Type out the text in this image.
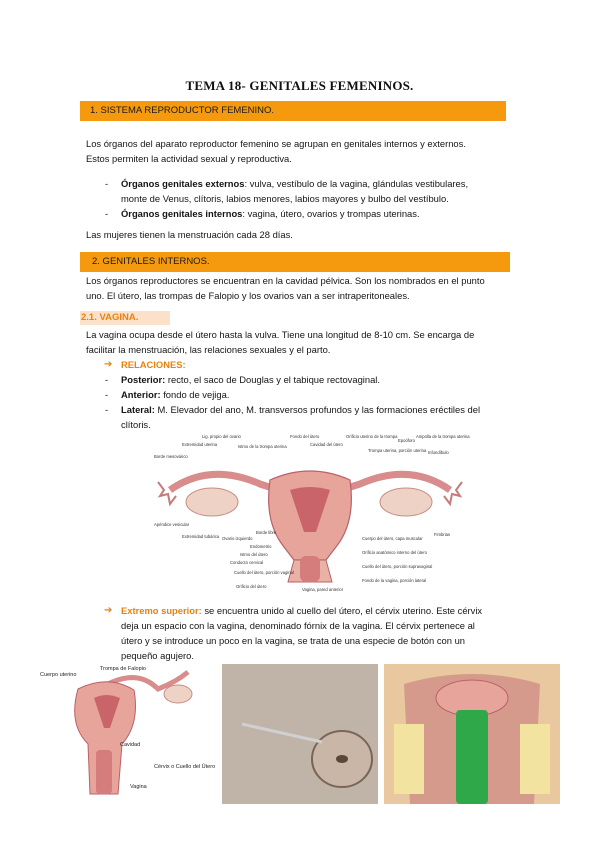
TEMA 18- GENITALES FEMENINOS.
1. SISTEMA REPRODUCTOR FEMENINO.
Los órganos del aparato reproductor femenino se agrupan en genitales internos y externos.
Estos permiten la actividad sexual y reproductiva.
- Órganos genitales externos: vulva, vestíbulo de la vagina, glándulas vestibulares,
monte de Venus, clítoris, labios menores, labios mayores y bulbo del vestíbulo.
- Órganos genitales internos: vagina, útero, ovarios y trompas uterinas.
Las mujeres tienen la menstruación cada 28 días.
2. GENITALES INTERNOS.
Los órganos reproductores se encuentran en la cavidad pélvica. Son los nombrados en el punto
uno. El útero, las trompas de Falopio y los ovarios van a ser intraperitoneales.
2.1. VAGINA.
La vagina ocupa desde el útero hasta la vulva. Tiene una longitud de 8-10 cm. Se encarga de
facilitar la menstruación, las relaciones sexuales y el parto.
➔ RELACIONES:
- Posterior: recto, el saco de Douglas y el tabique rectovaginal.
- Anterior: fondo de vejiga.
- Lateral: M. Elevador del ano, M. transversos profundos y las formaciones eréctiles del
clítoris.
Lig. propio del ovario
Extremidad uterina
Borde mesovárico
Istmo de la trompa uterina
Fondo del útero
Cavidad del útero
Orificio uterino de la trompa
Epoóforo
Ampolla de la trompa uterina
Infundíbulo
Trompa uterina, porción uterina
Apéndice vesicular
Extremidad tubárica Ovario izquierdo
Borde libre	Fimbrias
Endometrio
Istmo del útero
Conducto cervical
Cuello del útero, porción vaginal
Orificio del útero
Cuerpo del útero, capa muscular
Orificio anatómico interno del útero
Cuello del útero, porción supravaginal
Fondo de la vagina, porción lateral
Vagina, pared anterior
➔ Extremo superior: se encuentra unido al cuello del útero, el cérvix uterino. Este cérvix
deja un espacio con la vagina, denominado fórnix de la vagina. El cérvix pertenece al
útero y se introduce un poco en la vagina, se trata de una especie de botón con un
pequeño agujero.
Cuerpo uterino
Trompa de Falopio
Cavidad
Cérvix o Cuello del Útero
Vagina
